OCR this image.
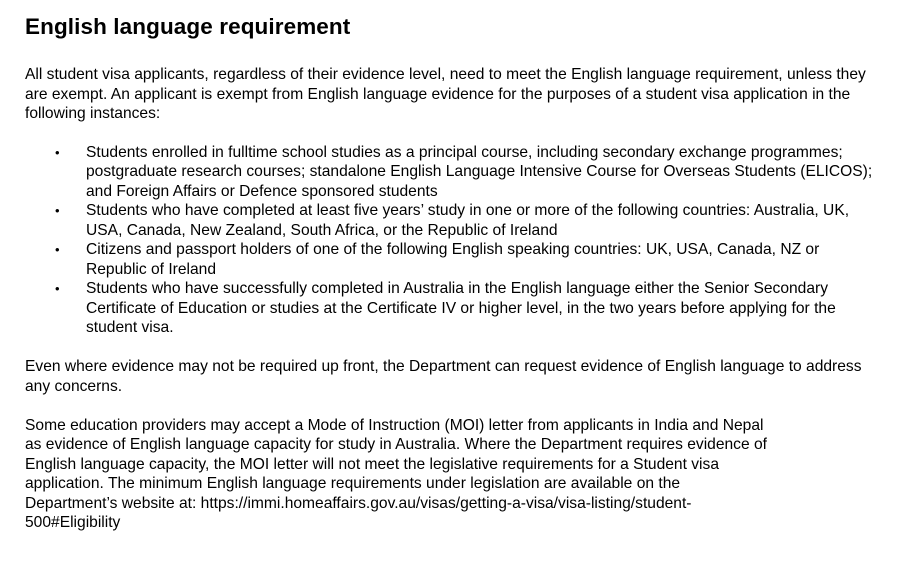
English language requirement

All student visa applicants, regardless of their evidence level, need to meet the English language requirement, unless they are exempt. An applicant is exempt from English language evidence for the purposes of a student visa application in the following instances:

• Students enrolled in fulltime school studies as a principal course, including secondary exchange programmes; postgraduate research courses; standalone English Language Intensive Course for Overseas Students (ELICOS); and Foreign Affairs or Defence sponsored students
• Students who have completed at least five years’ study in one or more of the following countries: Australia, UK, USA, Canada, New Zealand, South Africa, or the Republic of Ireland
• Citizens and passport holders of one of the following English speaking countries: UK, USA, Canada, NZ or Republic of Ireland
• Students who have successfully completed in Australia in the English language either the Senior Secondary Certificate of Education or studies at the Certificate IV or higher level, in the two years before applying for the student visa.

Even where evidence may not be required up front, the Department can request evidence of English language to address any concerns.

Some education providers may accept a Mode of Instruction (MOI) letter from applicants in India and Nepal
as evidence of English language capacity for study in Australia. Where the Department requires evidence of
English language capacity, the MOI letter will not meet the legislative requirements for a Student visa
application. The minimum English language requirements under legislation are available on the
Department’s website at: https://immi.homeaffairs.gov.au/visas/getting-a-visa/visa-listing/student-
500#Eligibility
